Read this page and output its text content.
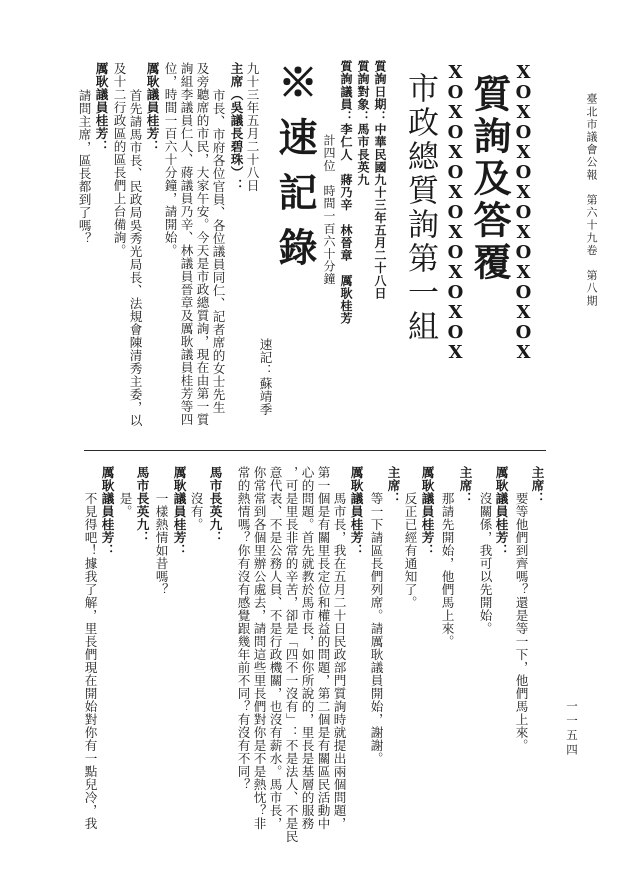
臺北市議會公報　第六十九卷　第八期
一一五四
XOXOXOXOXOXOXOX
質詢及答覆
XOXOXOXOXOXOXOX
市政總質詢第一組
質詢日期：中華民國九十三年五月二十八日
質詢對象：馬市長英九
質詢議員：李仁人　蔣乃辛　林晉章　厲耿桂芳
計四位　時間一百六十分鐘
※速記錄
速記：蘇靖季
九十三年五月二十八日
主席（吳議長碧珠）：
市長、市府各位官員、各位議員同仁、記者席的女士先生
及旁聽席的市民，大家午安。今天是市政總質詢，現在由第一質
詢組李議員仁人、蔣議員乃辛、林議員晉章及厲耿議員桂芳等四
位，時間一百六十分鐘，請開始。
厲耿議員桂芳：
首先請馬市長、民政局吳秀光局長、法規會陳清秀主委，以
及十二行政區的區長們上台備詢。
厲耿議員桂芳：
請問主席，區長都到了嗎？
主席：
要等他們到齊嗎？還是等一下，他們馬上來。
厲耿議員桂芳：
沒關係，我可以先開始。
主席：
那請先開始，他們馬上來。
厲耿議員桂芳：
反正已經有通知了。
主席：
等一下請區長們列席。請厲耿議員開始，謝謝。
厲耿議員桂芳：
馬市長，我在五月二十日民政部門質詢時就提出兩個問題，
第一個是有關里長定位和權益的問題，第二個是有關區民活動中
心的問題。首先就教於馬市長，如你所說的，里長是基層的服務
，可是里長非常的辛苦，卻是「四不一沒有」：不是法人、不是民
意代表、不是公務人員、不是行政機關，也沒有薪水。馬市長，
你常常到各個里辦公處去，請問這些里長們對你是不是熱忱？非
常的熱情嗎？你有沒有感覺跟幾年前不同？有沒有不同？
馬市長英九：
沒有。
厲耿議員桂芳：
一樣熱情如昔嗎？
馬市長英九：
是。
厲耿議員桂芳：
不見得吧！據我了解，里長們現在開始對你有一點兒冷，我
